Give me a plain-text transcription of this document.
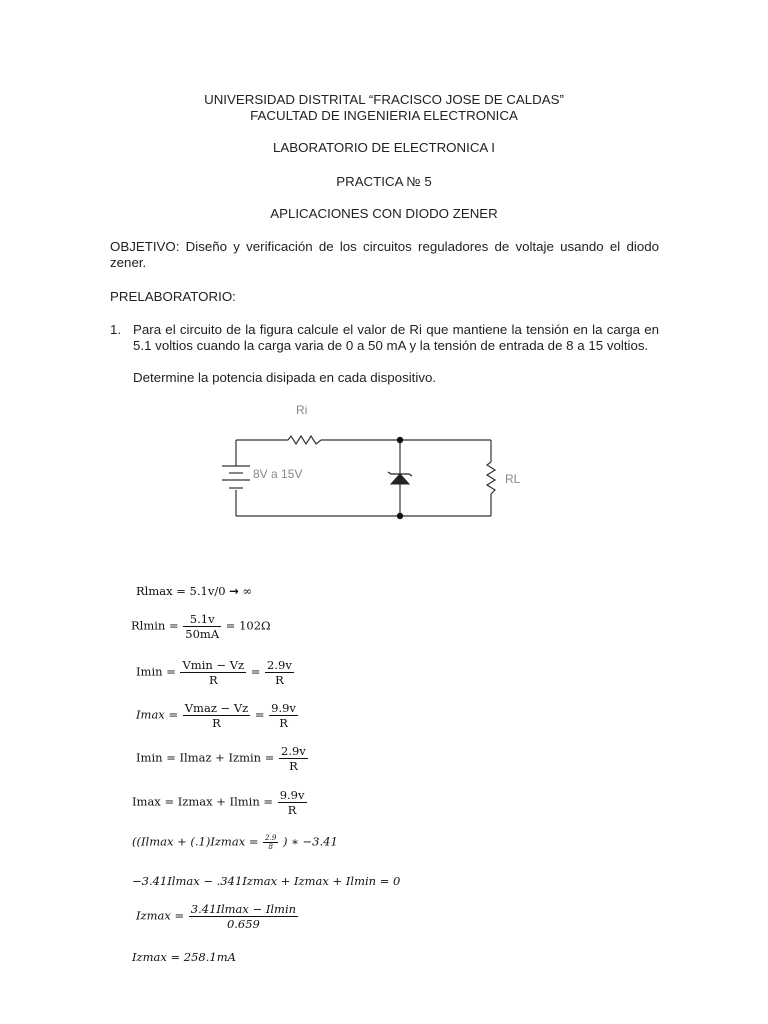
UNIVERSIDAD DISTRITAL “FRACISCO JOSE DE CALDAS”
FACULTAD DE INGENIERIA ELECTRONICA
LABORATORIO DE ELECTRONICA I
PRACTICA № 5
APLICACIONES CON DIODO ZENER
OBJETIVO: Diseño y verificación de los circuitos reguladores de voltaje usando el diodo zener.
PRELABORATORIO:
1. Para el circuito de la figura calcule el valor de Ri que mantiene la tensión en la carga en 5.1 voltios cuando la carga varia de 0 a 50 mA y la tensión de entrada de 8 a 15 voltios.
Determine la potencia disipada en cada dispositivo.
Ri
8V a 15V	RL
Rlmax = 5.1v/0 → ∞
$Rlmin = \frac{5.1v}{50mA} = 102\Omega$
$Imin = \frac{Vmin - Vz}{R} = \frac{2.9v}{R}$
$Imax = \frac{\text{Vmaz − Vz}}{R} = \frac{9.9v}{R}$
Imin = Ilmaz + $Izmin = \frac{2.9v}{R}$
$Imax = Izmax + Ilmin = \frac{9.9v}{R}$
(($Ilmax + (.1)Izmax = \frac{2.9}{8}$ ) ∗ −3.41
−3.41Ilmax − .341Izmax + Izmax + Ilmin = 0
$Izmax = \frac{3.41Ilmax - Ilmin}{0.659}$
Izmax = 258.1mA
